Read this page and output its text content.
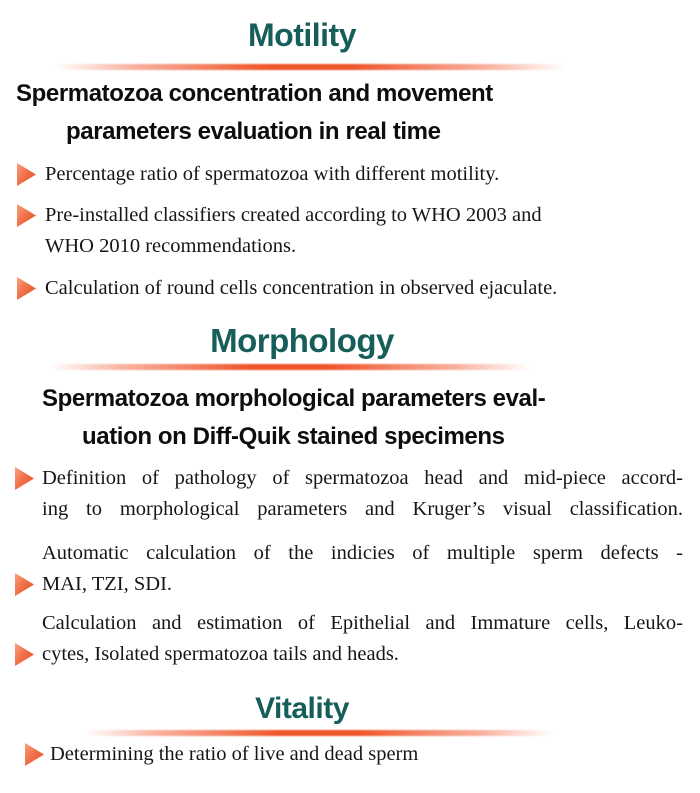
Motility
Spermatozoa concentration and movement
parameters evaluation in real time
Percentage ratio of spermatozoa with different motility.
Pre-installed classifiers created according to WHO 2003 and
WHO 2010 recommendations.
Calculation of round cells concentration in observed ejaculate.
Morphology
Spermatozoa morphological parameters eval-
uation on Diff-Quik stained specimens
Definition of pathology of spermatozoa head and mid-piece accord-
ing to morphological parameters and Kruger’s visual classification.
Automatic calculation of the indicies of multiple sperm defects -
MAI, TZI, SDI.
Calculation and estimation of Epithelial and Immature cells, Leuko-
cytes, Isolated spermatozoa tails and heads.
Vitality
Determining the ratio of live and dead sperm
